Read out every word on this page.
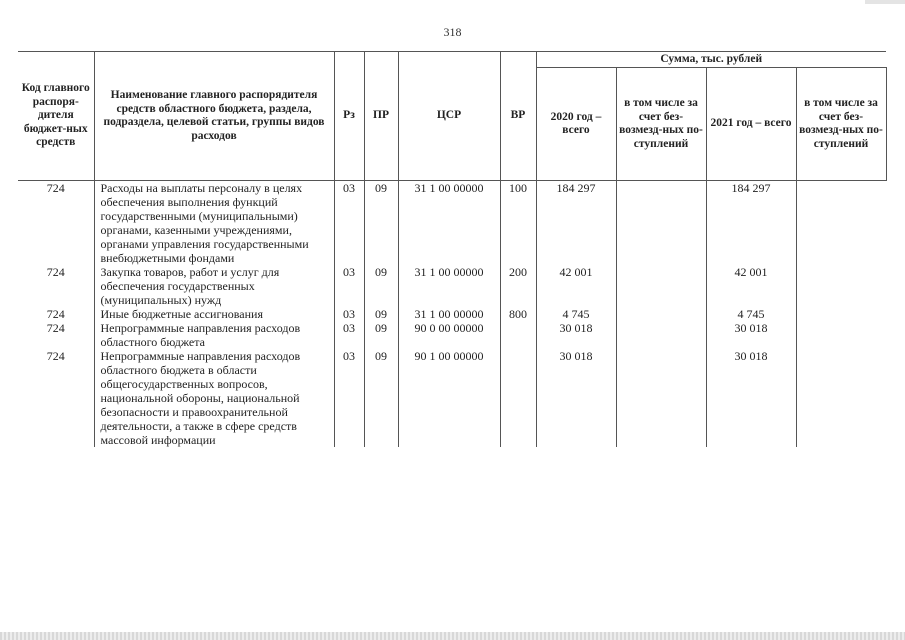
318
Код главного распоря-дителя бюджет-ных средств	Наименование главного распорядителя средств областного бюджета, раздела, подраздела, целевой статьи, группы видов расходов	Рз	ПР	ЦСР	ВР	Сумма, тыс. рублей			
						2020 год – всего	в том числе за счет без-возмезд-ных по-ступлений	2021 год – всего	в том числе за счет без-возмезд-ных по-ступлений
724	Расходы на выплаты персоналу в целях обеспечения выполнения функций государственными (муниципальными) органами, казенными учреждениями, органами управления государственными внебюджетными фондами	03	09	31 1 00 00000	100	184 297		184 297	
724	Закупка товаров, работ и услуг для обеспечения государственных (муниципальных) нужд	03	09	31 1 00 00000	200	42 001		42 001	
724	Иные бюджетные ассигнования	03	09	31 1 00 00000	800	4 745		4 745	
724	Непрограммные направления расходов областного бюджета	03	09	90 0 00 00000		30 018		30 018	
724	Непрограммные направления расходов областного бюджета в области общегосударственных вопросов, национальной обороны, национальной безопасности и правоохранительной деятельности, а также в сфере средств массовой информации	03	09	90 1 00 00000		30 018		30 018	
